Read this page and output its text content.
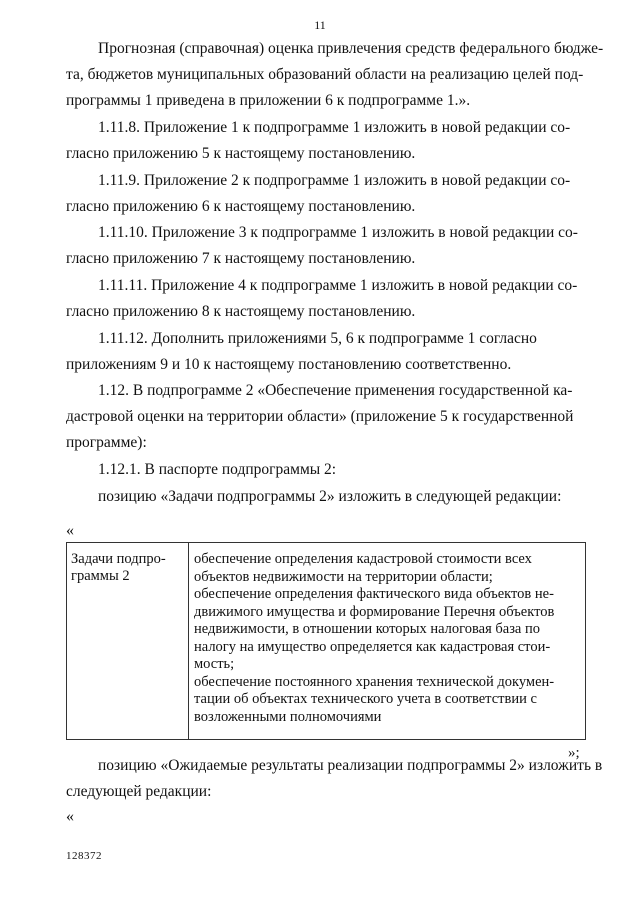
11
Прогнозная (справочная) оценка привлечения средств федерального бюдже-
та, бюджетов муниципальных образований области на реализацию целей под-
программы 1 приведена в приложении 6 к подпрограмме 1.».
1.11.8. Приложение 1 к подпрограмме 1 изложить в новой редакции со-
гласно приложению 5 к настоящему постановлению.
1.11.9. Приложение 2 к подпрограмме 1 изложить в новой редакции со-
гласно приложению 6 к настоящему постановлению.
1.11.10. Приложение 3 к подпрограмме 1 изложить в новой редакции со-
гласно приложению 7 к настоящему постановлению.
1.11.11. Приложение 4 к подпрограмме 1 изложить в новой редакции со-
гласно приложению 8 к настоящему постановлению.
1.11.12. Дополнить приложениями 5, 6 к подпрограмме 1 согласно
приложениям 9 и 10 к настоящему постановлению соответственно.
1.12. В подпрограмме 2 «Обеспечение применения государственной ка-
дастровой оценки на территории области» (приложение 5 к государственной
программе):
1.12.1. В паспорте подпрограммы 2:
позицию «Задачи подпрограммы 2» изложить в следующей редакции:
«
Задачи подпро-
граммы 2
обеспечение определения кадастровой стоимости всех
объектов недвижимости на территории области;
обеспечение определения фактического вида объектов не-
движимого имущества и формирование Перечня объектов
недвижимости, в отношении которых налоговая база по
налогу на имущество определяется как кадастровая стои-
мость;
обеспечение постоянного хранения технической докумен-
тации об объектах технического учета в соответствии с
возложенными полномочиями
»;
позицию «Ожидаемые результаты реализации подпрограммы 2» изложить в
следующей редакции:
«
128372
